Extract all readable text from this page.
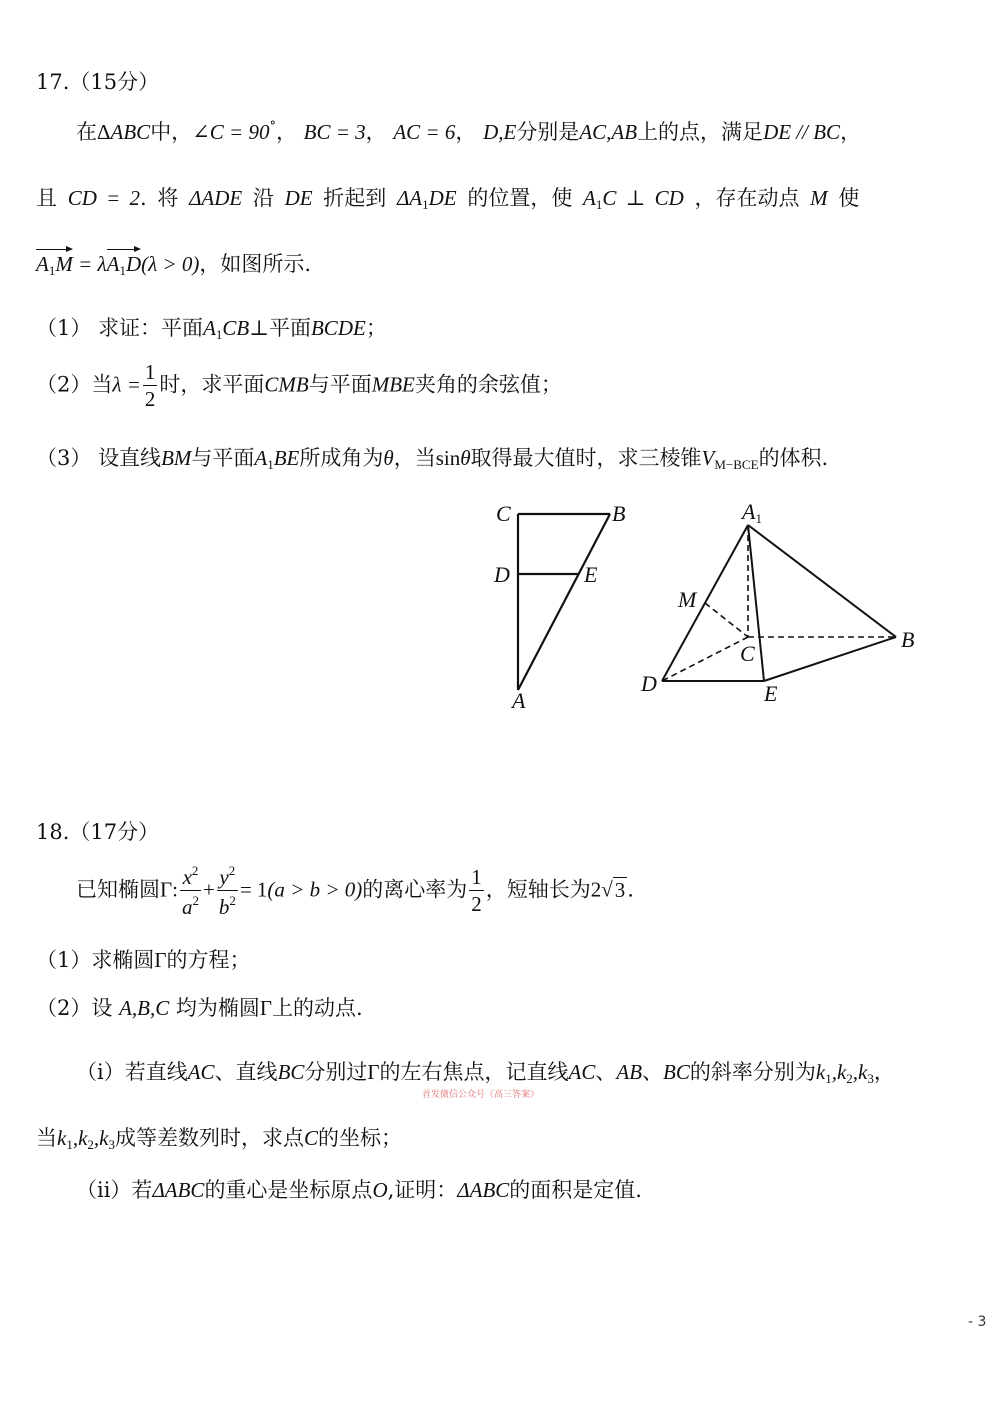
17.（15分）
在ΔABC中，∠C = 90°， BC = 3， AC = 6， D,E分别是AC,AB上的点，满足DE // BC，
且 CD = 2. 将 ΔADE 沿 DE 折起到 $\Delta A_1DE$ 的位置，使 $A_1C$ ⊥ CD ，存在动点 M 使
$A_1M = \lambda A_1D(\lambda > 0)$，如图所示.
（1） 求证：平面$A_1CB\perp$平面BCDE；
（2）当$\lambda = \frac{1}{2}$ 时，求平面CMB与平面MBE夹角的余弦值；
（3） 设直线BM与平面$A_1BE$所成角为θ，当sinθ取得最大值时，求三棱锥$V_{M-BCE}$的体积.
C	B
D	E
A
A1
M
C
B
D	E
18.（17分）
已知椭圆Γ: $\frac{x^2}{a^2} + \frac{y^2}{b^2} = 1(a > b > 0)$的离心率为 $\frac{1}{2}$ ，短轴长为2√3.
（1）求椭圆Γ的方程；
（2）设 A,B,C 均为椭圆Γ上的动点.
（i）若直线AC、直线BC分别过Γ的左右焦点，记直线AC、AB、BC的斜率分别为$k_1,k_2,k_3$，
首发微信公众号《高三答案》
当$k_1,k_2,k_3$成等差数列时，求点C的坐标；
（ii）若ΔABC的重心是坐标原点O,证明：ΔABC的面积是定值.
- 3
